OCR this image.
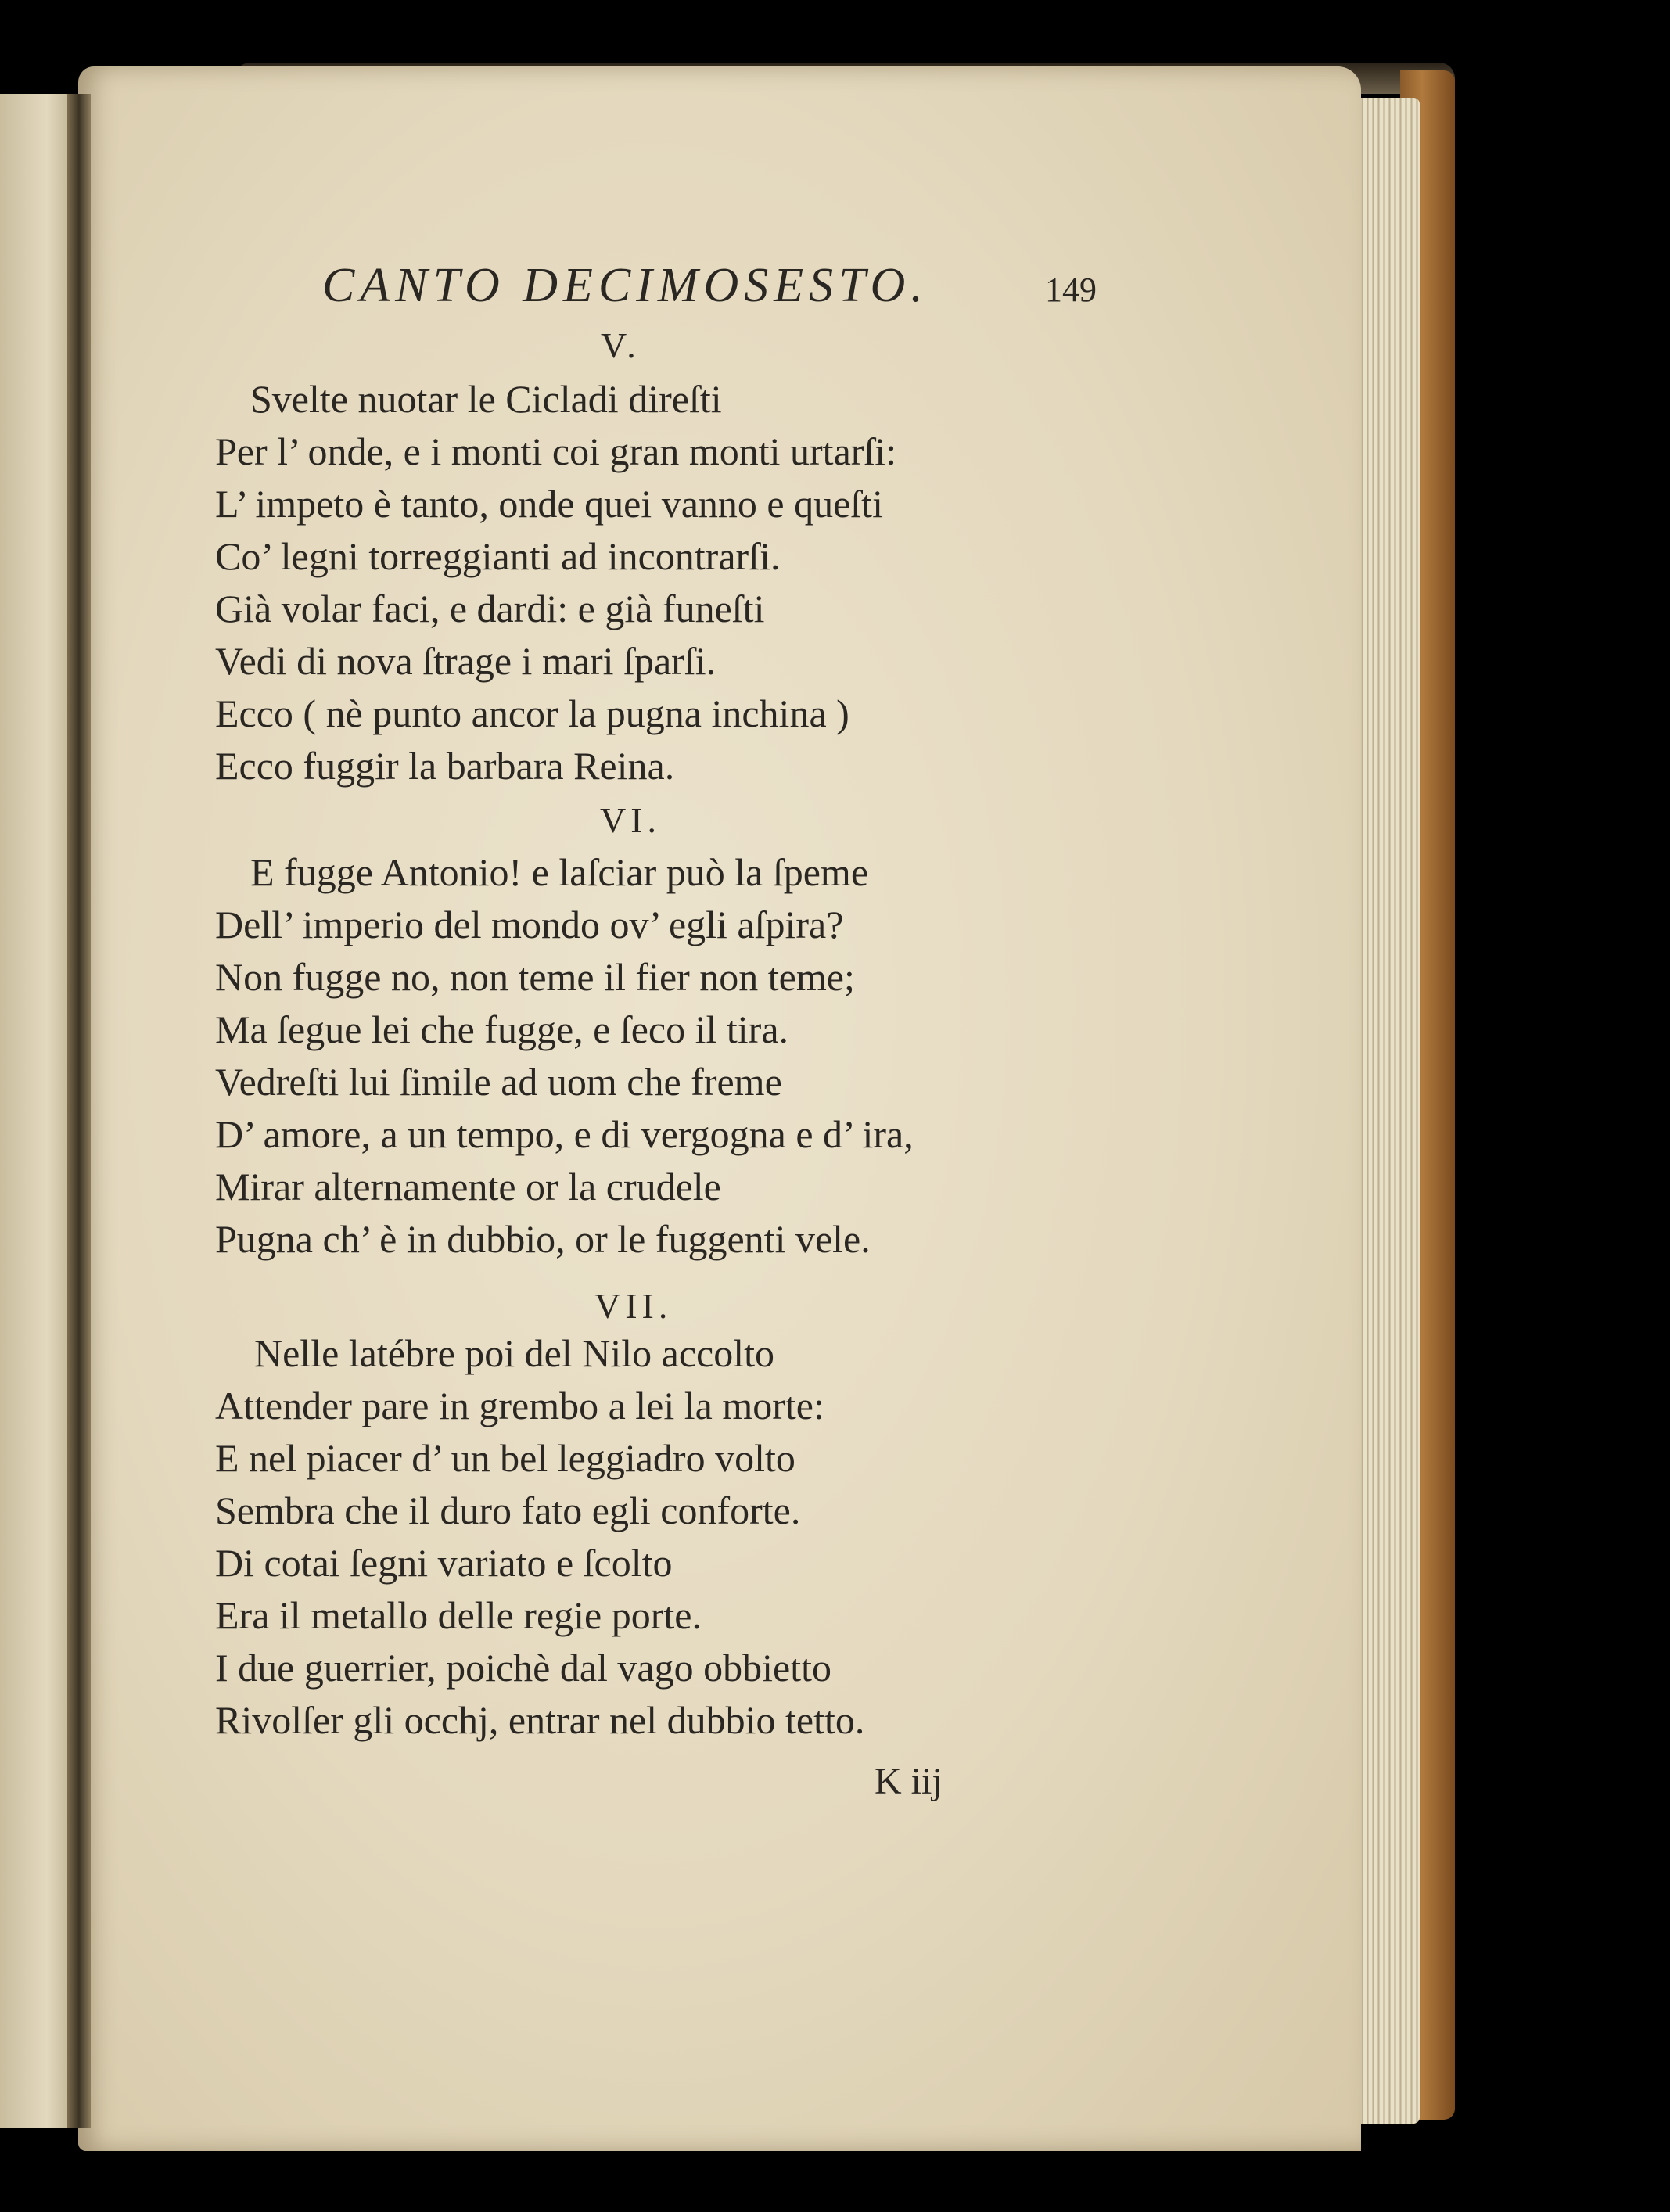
CANTO DECIMOSESTO.	149
V.
Svelte nuotar le Cicladi direſti
Per l’ onde, e i monti coi gran monti urtarſi:
L’ impeto è tanto, onde quei vanno e queſti
Co’ legni torreggianti ad incontrarſi.
Già volar faci, e dardi: e già funeſti
Vedi di nova ſtrage i mari ſparſi.
Ecco ( nè punto ancor la pugna inchina )
Ecco fuggir la barbara Reina.
VI.
E fugge Antonio! e laſciar può la ſpeme
Dell’ imperio del mondo ov’ egli aſpira?
Non fugge no, non teme il fier non teme;
Ma ſegue lei che fugge, e ſeco il tira.
Vedreſti lui ſimile ad uom che freme
D’ amore, a un tempo, e di vergogna e d’ ira,
Mirar alternamente or la crudele
Pugna ch’ è in dubbio, or le fuggenti vele.
VII.
Nelle latébre poi del Nilo accolto
Attender pare in grembo a lei la morte:
E nel piacer d’ un bel leggiadro volto
Sembra che il duro fato egli conforte.
Di cotai ſegni variato e ſcolto
Era il metallo delle regie porte.
I due guerrier, poichè dal vago obbietto
Rivolſer gli occhj, entrar nel dubbio tetto.
K iij
